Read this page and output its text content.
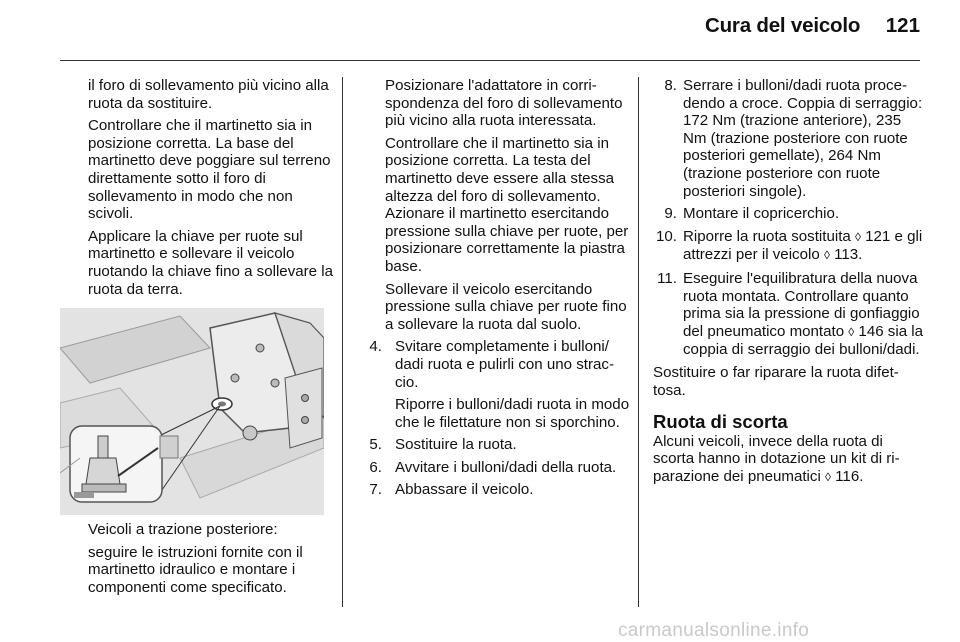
Cura del veicolo	121

il foro di sollevamento più vicino alla ruota da sostituire.

Controllare che il martinetto sia in posizione corretta. La base del martinetto deve poggiare sul terreno direttamente sotto il foro di sollevamento in modo che non scivoli.

Applicare la chiave per ruote sul martinetto e sollevare il veicolo ruotando la chiave fino a sollevare la ruota da terra.

Veicoli a trazione posteriore:

seguire le istruzioni fornite con il martinetto idraulico e montare i componenti come specificato.

Posizionare l'adattatore in corrispondenza del foro di sollevamento più vicino alla ruota interessata.

Controllare che il martinetto sia in posizione corretta. La testa del martinetto deve essere alla stessa altezza del foro di sollevamento. Azionare il martinetto esercitando pressione sulla chiave per ruote, per posizionare correttamente la piastra base.

Sollevare il veicolo esercitando pressione sulla chiave per ruote fino a sollevare la ruota dal suolo.

4. Svitare completamente i bulloni/ dadi ruota e pulirli con uno straccio.

Riporre i bulloni/dadi ruota in modo che le filettature non si sporchino.

5. Sostituire la ruota.
6. Avvitare i bulloni/dadi della ruota.
7. Abbassare il veicolo.
8. Serrare i bulloni/dadi ruota procedendo a croce. Coppia di serraggio: 172 Nm (trazione anteriore), 235 Nm (trazione posteriore con ruote posteriori gemellate), 264 Nm (trazione posteriore con ruote posteriori singole).
9. Montare il copricerchio.
10. Riporre la ruota sostituita ◊ 121 e gli attrezzi per il veicolo ◊ 113.
11. Eseguire l'equilibratura della nuova ruota montata. Controllare quanto prima sia la pressione di gonfiaggio del pneumatico montato ◊ 146 sia la coppia di serraggio dei bulloni/dadi.

Sostituire o far riparare la ruota difettosa.

Ruota di scorta

Alcuni veicoli, invece della ruota di scorta hanno in dotazione un kit di riparazione dei pneumatici ◊ 116.

carmanualsonline.info
